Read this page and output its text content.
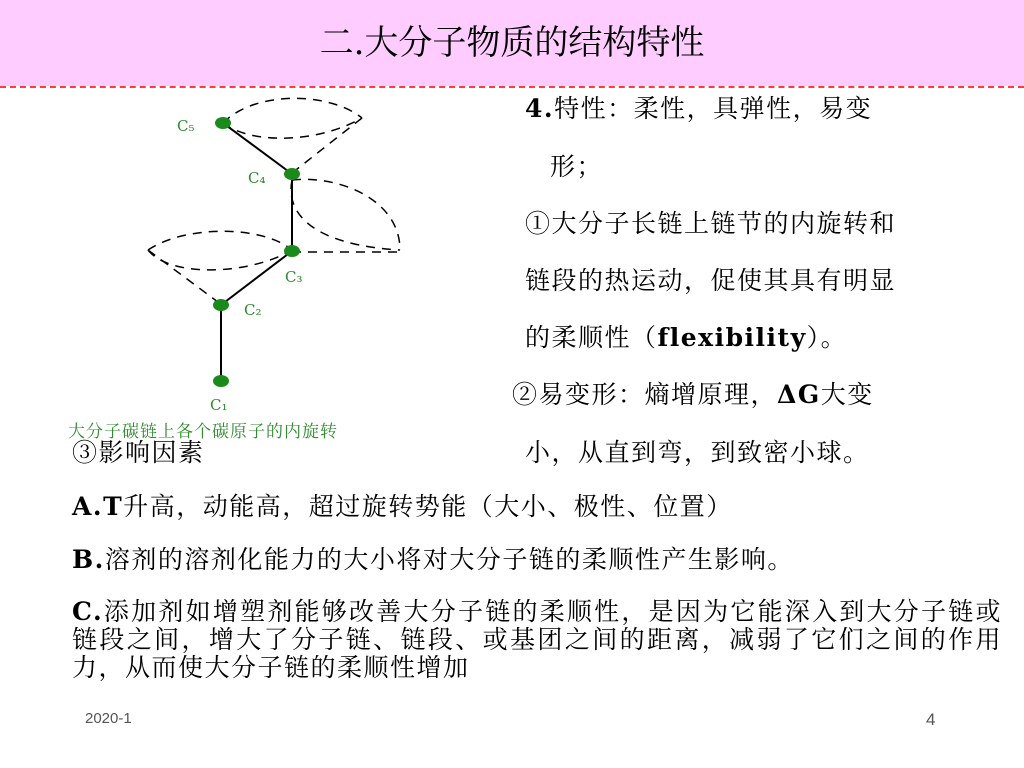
二.大分子物质的结构特性
C₁
C₂
C₃
C₄
C₅
大分子碳链上各个碳原子的内旋转
4.特性：柔性，具弹性，易变
形；
①大分子长链上链节的内旋转和
链段的热运动，促使其具有明显
的柔顺性（flexibility）。
②易变形：熵增原理，ΔG大变
小，从直到弯，到致密小球。
③影响因素
A.T升高，动能高，超过旋转势能（大小、极性、位置）
B.溶剂的溶剂化能力的大小将对大分子链的柔顺性产生影响。
C.添加剂如增塑剂能够改善大分子链的柔顺性，是因为它能深入到大分子链或链段之间，增大了分子链、链段、或基团之间的距离，减弱了它们之间的作用力，从而使大分子链的柔顺性增加
2020-1	4
